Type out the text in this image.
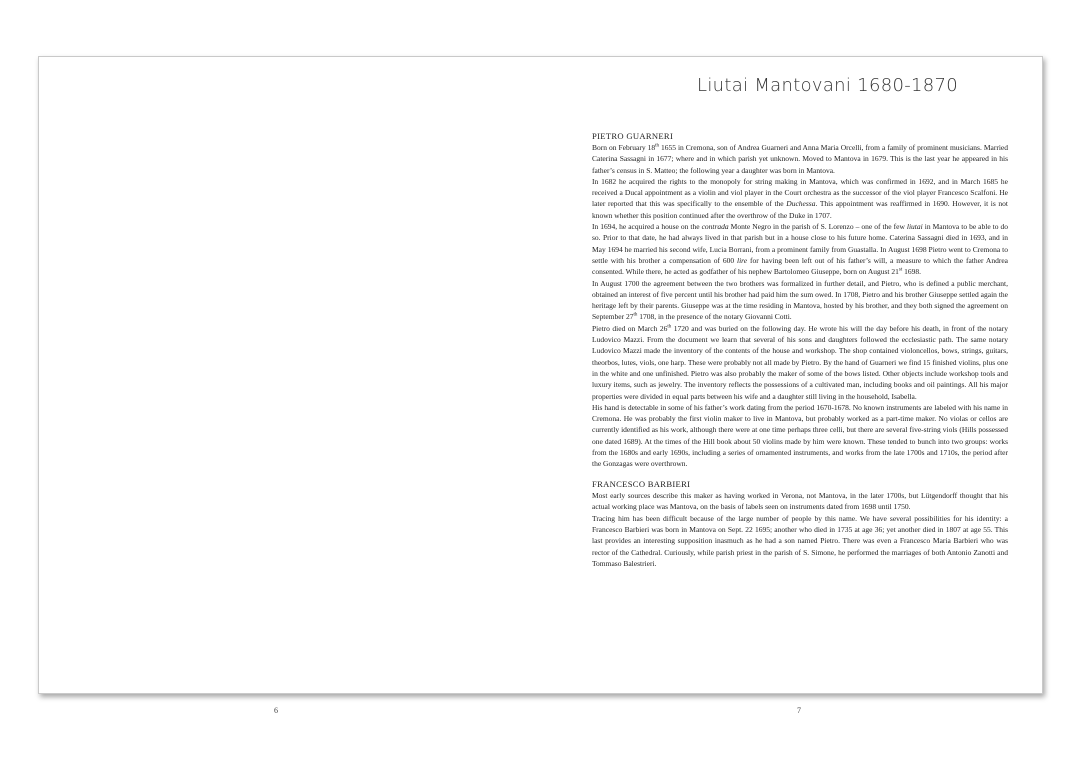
Liutai Mantovani 1680-1870
PIETRO GUARNERI

Born on February 18th 1655 in Cremona, son of Andrea Guarneri and Anna Maria Orcelli, from a family of prominent musicians. Married Caterina Sassagni in 1677; where and in which parish yet unknown. Moved to Mantova in 1679. This is the last year he appeared in his father’s census in S. Matteo; the following year a daughter was born in Mantova.

In 1682 he acquired the rights to the monopoly for string making in Mantova, which was confirmed in 1692, and in March 1685 he received a Ducal appointment as a violin and viol player in the Court orchestra as the successor of the viol player Francesco Scalfoni. He later reported that this was specifically to the ensemble of the Duchessa. This appointment was reaffirmed in 1690. However, it is not known whether this position continued after the overthrow of the Duke in 1707.

In 1694, he acquired a house on the contrada Monte Negro in the parish of S. Lorenzo – one of the few liutai in Mantova to be able to do so. Prior to that date, he had always lived in that parish but in a house close to his future home. Caterina Sassagni died in 1693, and in May 1694 he married his second wife, Lucia Borrani, from a prominent family from Guastalla. In August 1698 Pietro went to Cremona to settle with his brother a compensation of 600 lire for having been left out of his father’s will, a measure to which the father Andrea consented. While there, he acted as godfather of his nephew Bartolomeo Giuseppe, born on August 21st 1698.

In August 1700 the agreement between the two brothers was formalized in further detail, and Pietro, who is defined a public merchant, obtained an interest of five percent until his brother had paid him the sum owed. In 1708, Pietro and his brother Giuseppe settled again the heritage left by their parents. Giuseppe was at the time residing in Mantova, hosted by his brother, and they both signed the agreement on September 27th 1708, in the presence of the notary Giovanni Cotti.

Pietro died on March 26th 1720 and was buried on the following day. He wrote his will the day before his death, in front of the notary Ludovico Mazzi. From the document we learn that several of his sons and daughters followed the ecclesiastic path. The same notary Ludovico Mazzi made the inventory of the contents of the house and workshop. The shop contained violoncellos, bows, strings, guitars, theorbos, lutes, viols, one harp. These were probably not all made by Pietro. By the hand of Guarneri we find 15 finished violins, plus one in the white and one unfinished. Pietro was also probably the maker of some of the bows listed. Other objects include workshop tools and luxury items, such as jewelry. The inventory reflects the possessions of a cultivated man, including books and oil paintings. All his major properties were divided in equal parts between his wife and a daughter still living in the household, Isabella.

His hand is detectable in some of his father’s work dating from the period 1670-1678. No known instruments are labeled with his name in Cremona. He was probably the first violin maker to live in Mantova, but probably worked as a part-time maker. No violas or cellos are currently identified as his work, although there were at one time perhaps three celli, but there are several five-string viols (Hills possessed one dated 1689). At the times of the Hill book about 50 violins made by him were known. These tended to bunch into two groups: works from the 1680s and early 1690s, including a series of ornamented instruments, and works from the late 1700s and 1710s, the period after the Gonzagas were overthrown.

FRANCESCO BARBIERI

Most early sources describe this maker as having worked in Verona, not Mantova, in the later 1700s, but Lütgendorff thought that his actual working place was Mantova, on the basis of labels seen on instruments dated from 1698 until 1750.

Tracing him has been difficult because of the large number of people by this name. We have several possibilities for his identity: a Francesco Barbieri was born in Mantova on Sept. 22 1695; another who died in 1735 at age 36; yet another died in 1807 at age 55. This last provides an interesting supposition inasmuch as he had a son named Pietro. There was even a Francesco Maria Barbieri who was rector of the Cathedral. Curiously, while parish priest in the parish of S. Simone, he performed the marriages of both Antonio Zanotti and Tommaso Balestrieri.

6	7
